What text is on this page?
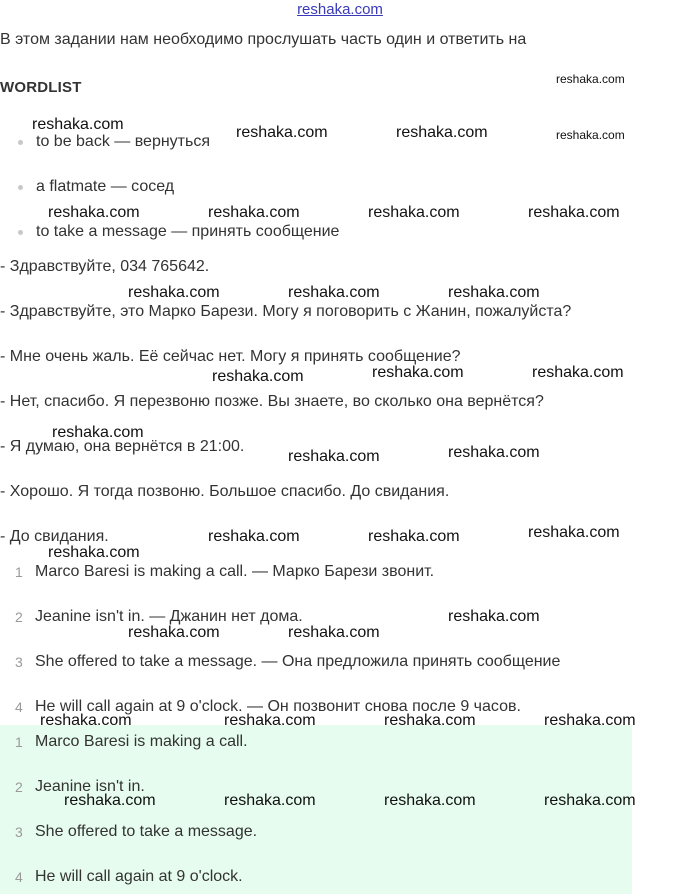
reshaka.com
В этом задании нам необходимо прослушать часть один и ответить на
WORDLIST
to be back — вернуться
a flatmate — сосед
to take a message — принять сообщение
- Здравствуйте, 034 765642.
- Здравствуйте, это Марко Барези. Могу я поговорить с Жанин, пожалуйста?
- Мне очень жаль. Её сейчас нет. Могу я принять сообщение?
- Нет, спасибо. Я перезвоню позже. Вы знаете, во сколько она вернётся?
- Я думаю, она вернётся в 21:00.
- Хорошо. Я тогда позвоню. Большое спасибо. До свидания.
- До свидания.
1 Marco Baresi is making a call. — Марко Барези звонит.
2 Jeanine isn't in. — Джанин нет дома.
3 She offered to take a message. — Она предложила принять сообщение
4 He will call again at 9 o'clock. — Он позвонит снова после 9 часов.
1 Marco Baresi is making a call.
2 Jeanine isn't in.
3 She offered to take a message.
4 He will call again at 9 o'clock.
reshaka.com
reshaka.com	reshaka.com	reshaka.com	reshaka.com
reshaka.com	reshaka.com	reshaka.com	reshaka.com
reshaka.com	reshaka.com	reshaka.com
reshaka.com	reshaka.com	reshaka.com
reshaka.com
reshaka.com	reshaka.com
reshaka.com	reshaka.com	reshaka.com
reshaka.com
reshaka.com
reshaka.com	reshaka.com
reshaka.com	reshaka.com	reshaka.com	reshaka.com
reshaka.com	reshaka.com	reshaka.com	reshaka.com
